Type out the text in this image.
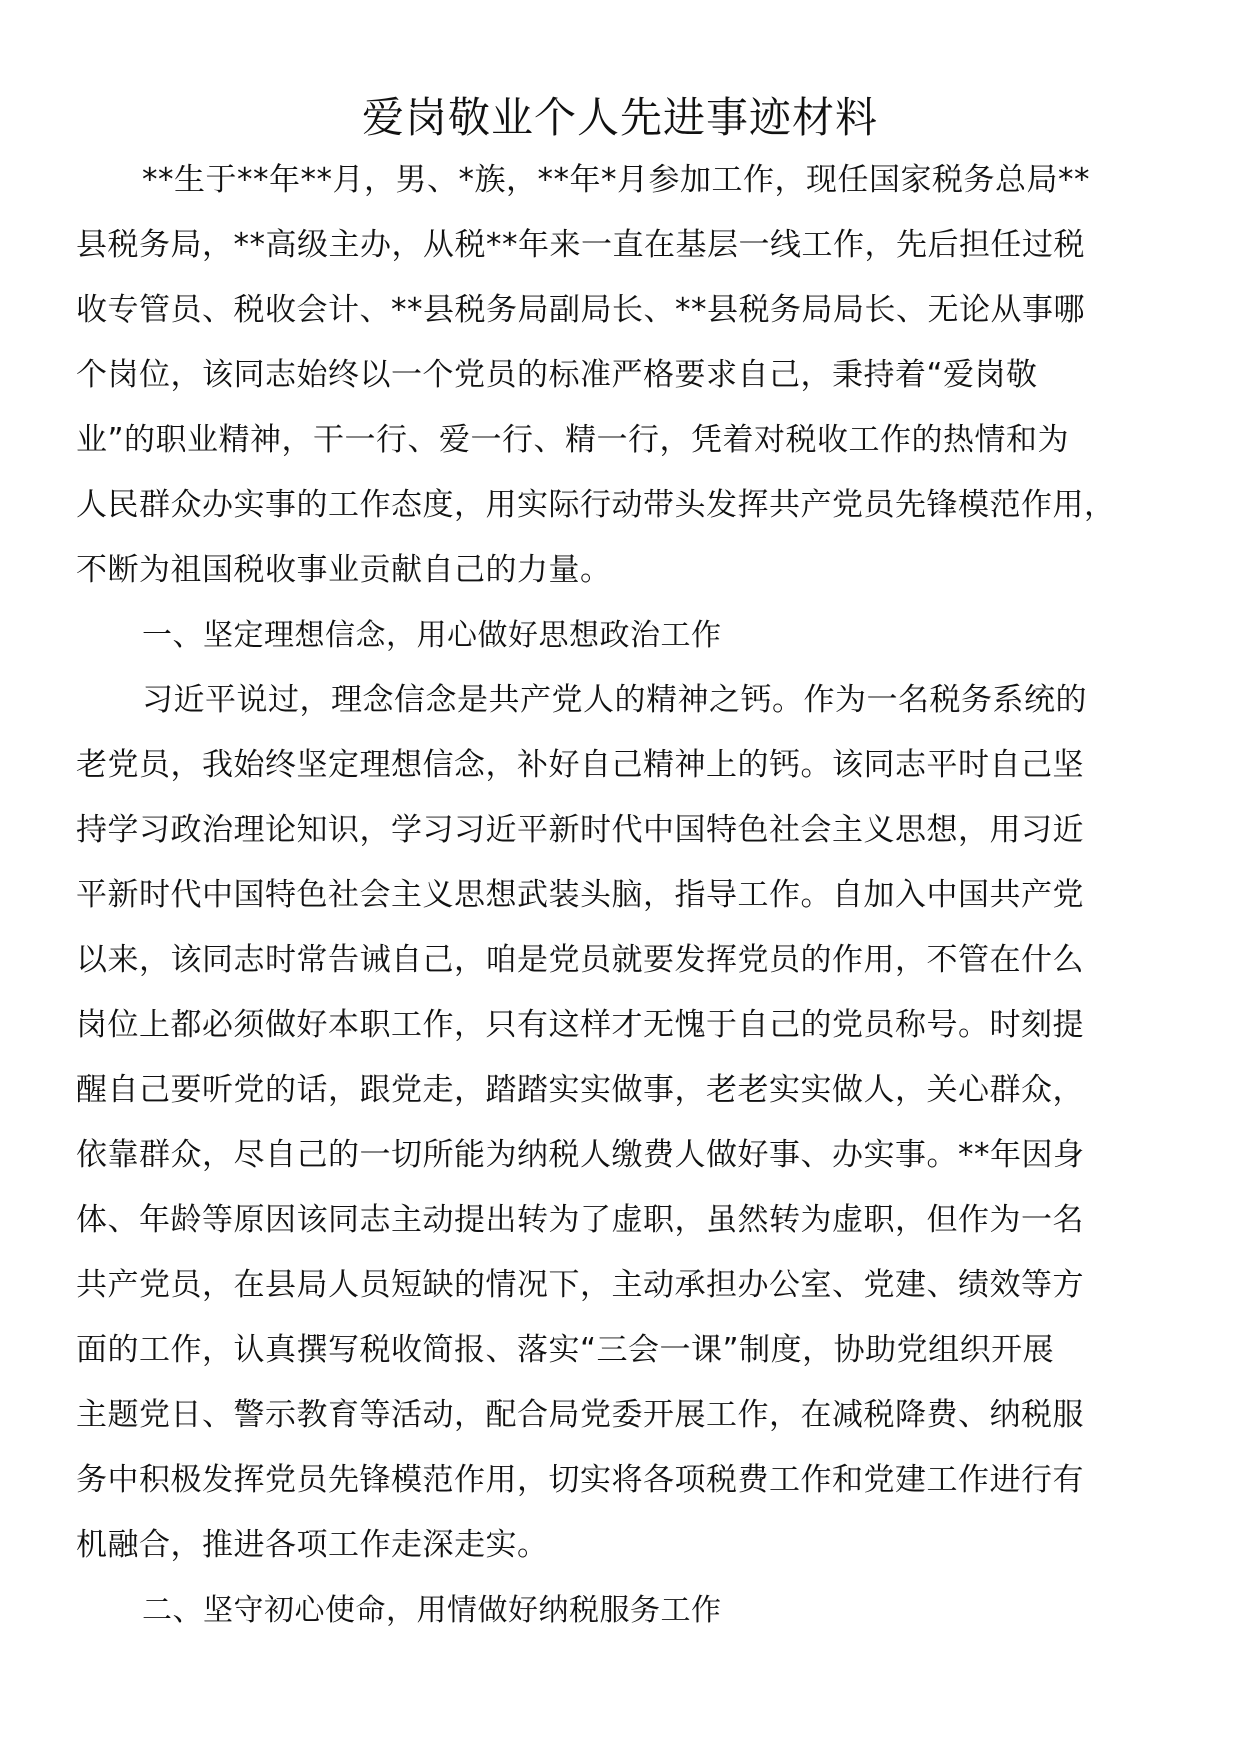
爱岗敬业个人先进事迹材料
**生于**年**月，男、*族，**年*月参加工作，现任国家税务总局**
县税务局，**高级主办，从税**年来一直在基层一线工作，先后担任过税
收专管员、税收会计、**县税务局副局长、**县税务局局长、无论从事哪
个岗位，该同志始终以一个党员的标准严格要求自己，秉持着“爱岗敬
业”的职业精神，干一行、爱一行、精一行，凭着对税收工作的热情和为
人民群众办实事的工作态度，用实际行动带头发挥共产党员先锋模范作用，
不断为祖国税收事业贡献自己的力量。
一、坚定理想信念，用心做好思想政治工作
习近平说过，理念信念是共产党人的精神之钙。作为一名税务系统的
老党员，我始终坚定理想信念，补好自己精神上的钙。该同志平时自己坚
持学习政治理论知识，学习习近平新时代中国特色社会主义思想，用习近
平新时代中国特色社会主义思想武装头脑，指导工作。自加入中国共产党
以来，该同志时常告诫自己，咱是党员就要发挥党员的作用，不管在什么
岗位上都必须做好本职工作，只有这样才无愧于自己的党员称号。时刻提
醒自己要听党的话，跟党走，踏踏实实做事，老老实实做人，关心群众，
依靠群众，尽自己的一切所能为纳税人缴费人做好事、办实事。**年因身
体、年龄等原因该同志主动提出转为了虚职，虽然转为虚职，但作为一名
共产党员，在县局人员短缺的情况下，主动承担办公室、党建、绩效等方
面的工作，认真撰写税收简报、落实“三会一课”制度，协助党组织开展
主题党日、警示教育等活动，配合局党委开展工作，在减税降费、纳税服
务中积极发挥党员先锋模范作用，切实将各项税费工作和党建工作进行有
机融合，推进各项工作走深走实。
二、坚守初心使命，用情做好纳税服务工作
